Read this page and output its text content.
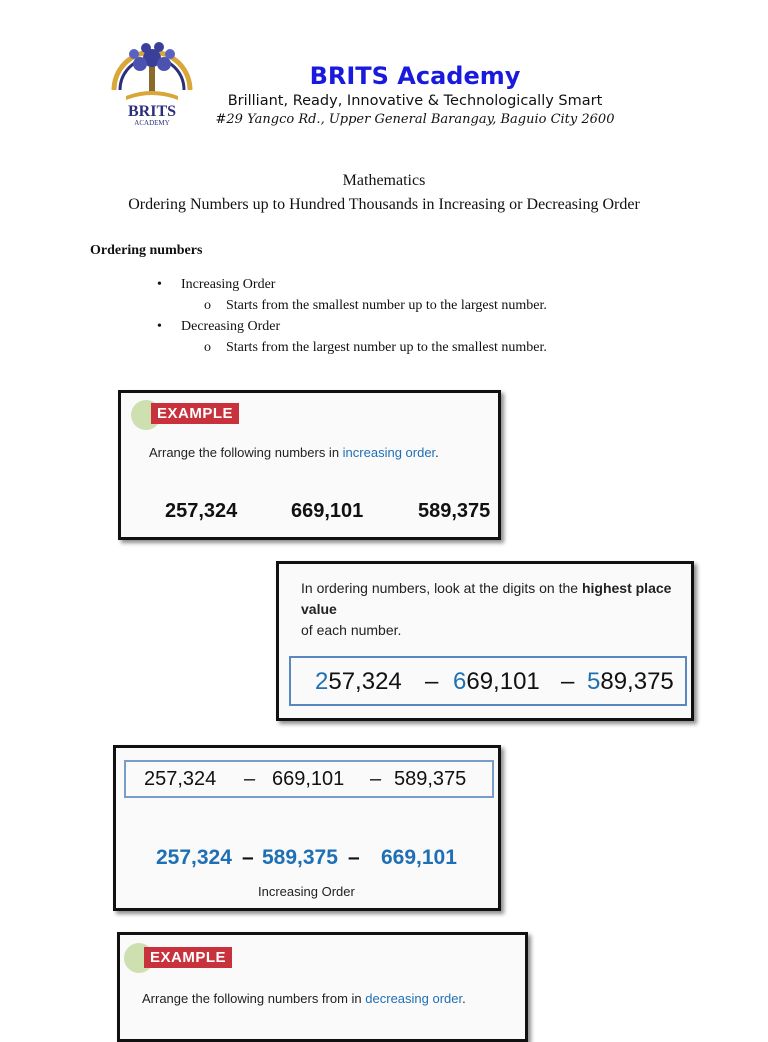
BRITS
ACADEMY
BRITS Academy
Brilliant, Ready, Innovative & Technologically Smart
#29 Yangco Rd., Upper General Barangay, Baguio City 2600
Mathematics
Ordering Numbers up to Hundred Thousands in Increasing or Decreasing Order
Ordering numbers
• Increasing Order
o Starts from the smallest number up to the largest number.
• Decreasing Order
o Starts from the largest number up to the smallest number.
EXAMPLE
Arrange the following numbers in increasing order.
257,324	669,101	589,375
In ordering numbers, look at the digits on the highest place value
of each number.
257,324 – 669,101 – 589,375
257,324 – 669,101 – 589,375
257,324 – 589,375 – 669,101
Increasing Order
EXAMPLE
Arrange the following numbers from in decreasing order.
